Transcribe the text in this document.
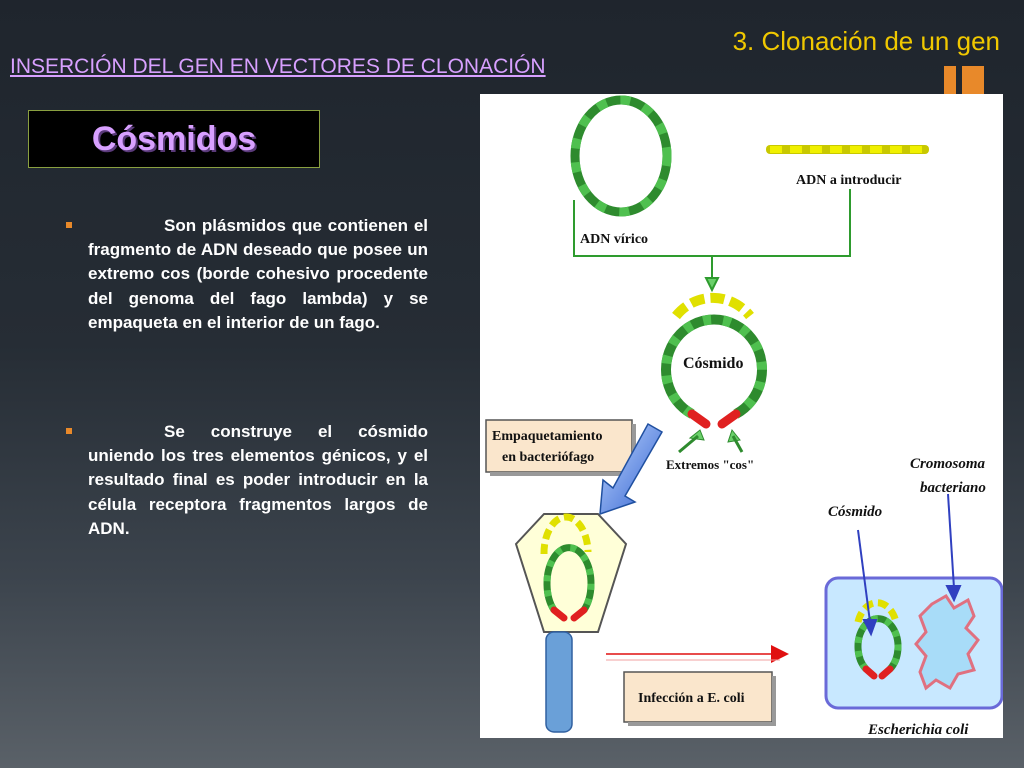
3. Clonación de un gen
INSERCIÓN DEL GEN EN VECTORES DE CLONACIÓN
Cósmidos
Son plásmidos que contienen el fragmento de ADN deseado que posee un extremo cos (borde cohesivo procedente del genoma del fago lambda) y se empaqueta en el interior de un fago.
Se construye el cósmido uniendo los tres elementos génicos, y el resultado final es poder introducir en la célula receptora fragmentos largos de ADN.
ADN a introducir
ADN vírico
Cósmido
Extremos "cos"
Empaquetamiento
en bacteriófago
Infección a E. coli
Cósmido
Cromosoma
bacteriano
Escherichia coli
